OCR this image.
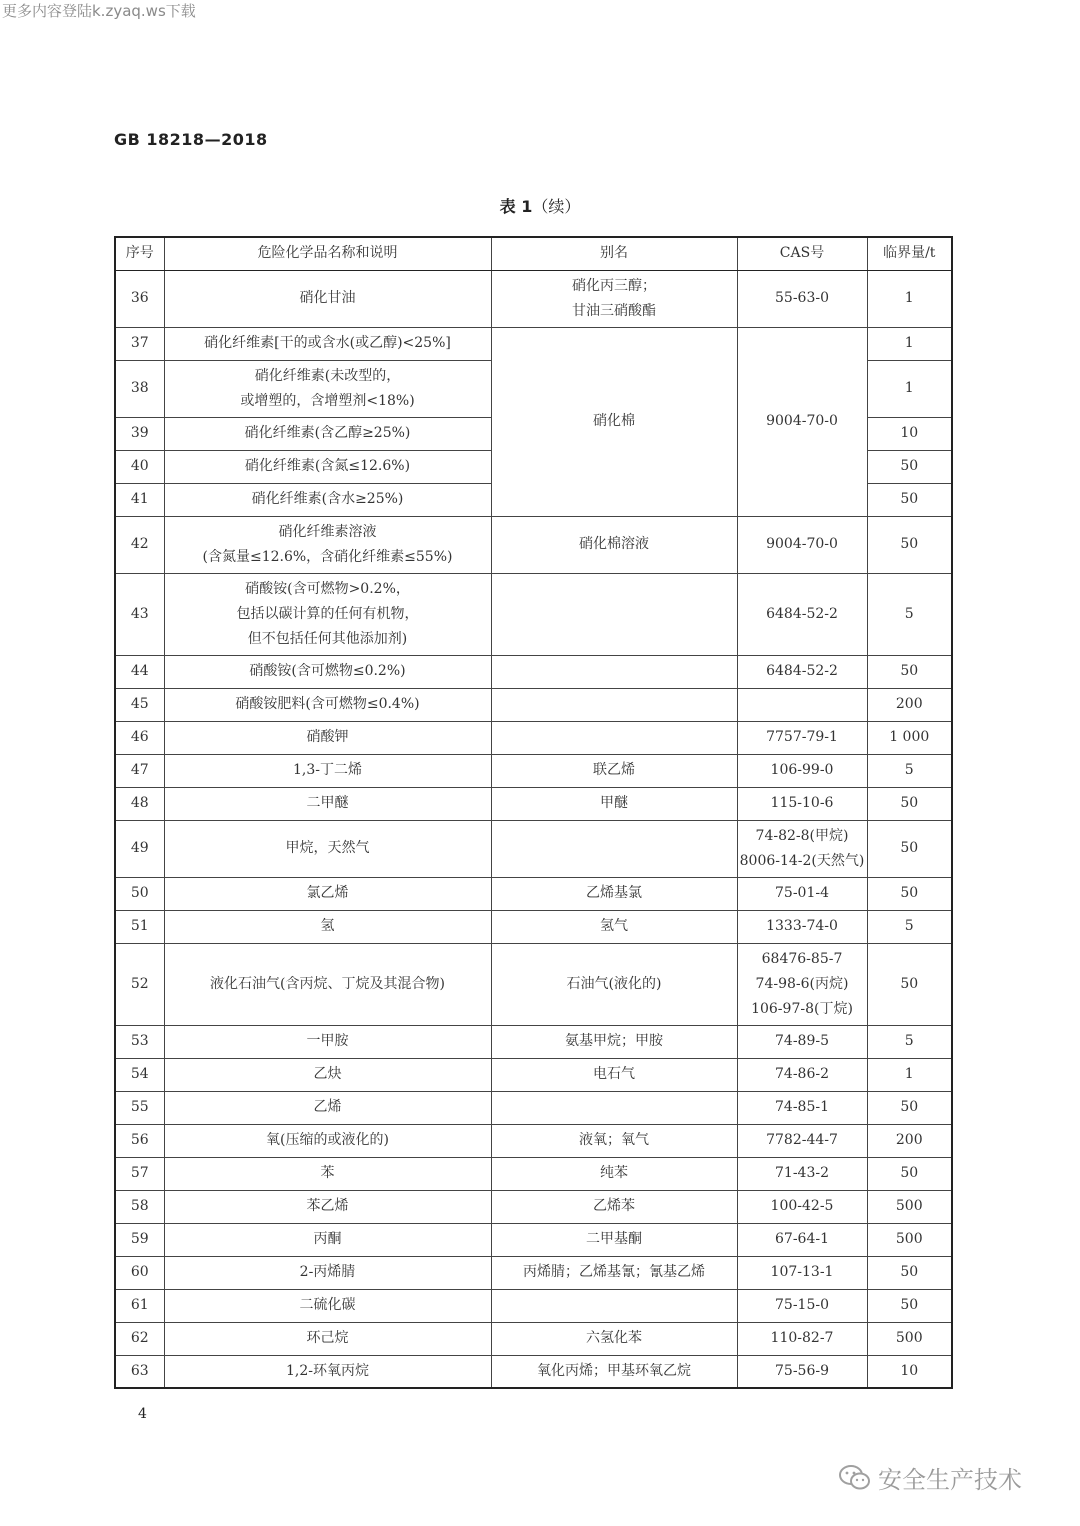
更多内容登陆k.zyaq.ws下载
GB 18218—2018
表 1（续）
序号	危险化学品名称和说明	别名	CAS号	临界量/t
36	硝化甘油	硝化丙三醇；
甘油三硝酸酯	55-63-0	1
37	硝化纤维素[干的或含水(或乙醇)<25%]	硝化棉	9004-70-0	1
38	硝化纤维素(未改型的，
或增塑的，含增塑剂<18%)			1
39	硝化纤维素(含乙醇≥25%)			10
40	硝化纤维素(含氮≤12.6%)			50
41	硝化纤维素(含水≥25%)			50
42	硝化纤维素溶液
(含氮量≤12.6%，含硝化纤维素≤55%)	硝化棉溶液	9004-70-0	50
43	硝酸铵(含可燃物>0.2%，
包括以碳计算的任何有机物，
但不包括任何其他添加剂)		6484-52-2	5
44	硝酸铵(含可燃物≤0.2%)		6484-52-2	50
45	硝酸铵肥料(含可燃物≤0.4%)			200
46	硝酸钾		7757-79-1	1 000
47	1,3-丁二烯	联乙烯	106-99-0	5
48	二甲醚	甲醚	115-10-6	50
49	甲烷，天然气		74-82-8(甲烷)
8006-14-2(天然气)	50
50	氯乙烯	乙烯基氯	75-01-4	50
51	氢	氢气	1333-74-0	5
52	液化石油气(含丙烷、丁烷及其混合物)	石油气(液化的)	68476-85-7
74-98-6(丙烷)
106-97-8(丁烷)	50
53	一甲胺	氨基甲烷；甲胺	74-89-5	5
54	乙炔	电石气	74-86-2	1
55	乙烯		74-85-1	50
56	氧(压缩的或液化的)	液氧；氧气	7782-44-7	200
57	苯	纯苯	71-43-2	50
58	苯乙烯	乙烯苯	100-42-5	500
59	丙酮	二甲基酮	67-64-1	500
60	2-丙烯腈	丙烯腈；乙烯基氰；氰基乙烯	107-13-1	50
61	二硫化碳		75-15-0	50
62	环己烷	六氢化苯	110-82-7	500
63	1,2-环氧丙烷	氧化丙烯；甲基环氧乙烷	75-56-9	10
4
安全生产技术
